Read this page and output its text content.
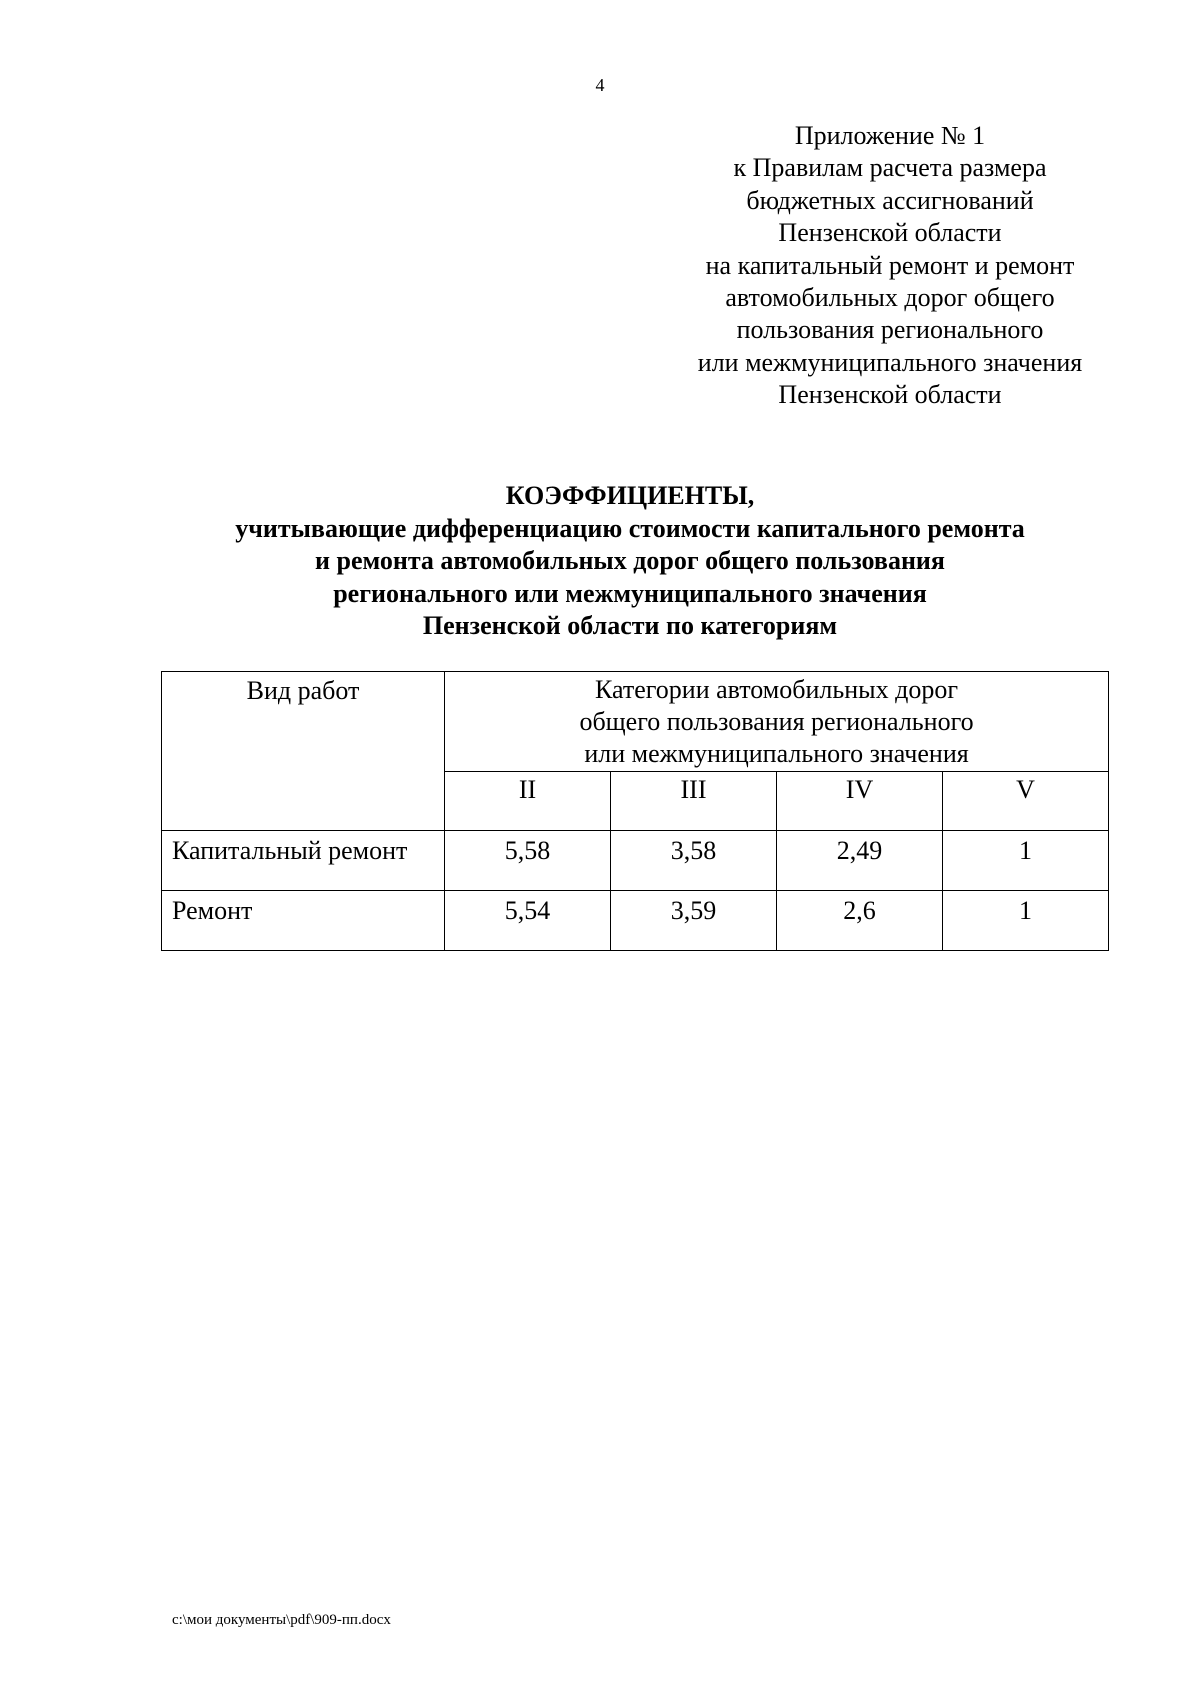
4
Приложение № 1
к Правилам расчета размера
бюджетных ассигнований
Пензенской области
на капитальный ремонт и ремонт
автомобильных дорог общего
пользования регионального
или межмуниципального значения
Пензенской области
КОЭФФИЦИЕНТЫ,
учитывающие дифференциацию стоимости капитального ремонта
и ремонта автомобильных дорог общего пользования
регионального или межмуниципального значения
Пензенской области по категориям
Вид работ	Категории автомобильных дорог
общего пользования регионального
или межмуниципального значения			

	II	III	IV	V
Капитальный ремонт	5,58	3,58	2,49	1
Ремонт	5,54	3,59	2,6	1
c:\мои документы\pdf\909-пп.docx
